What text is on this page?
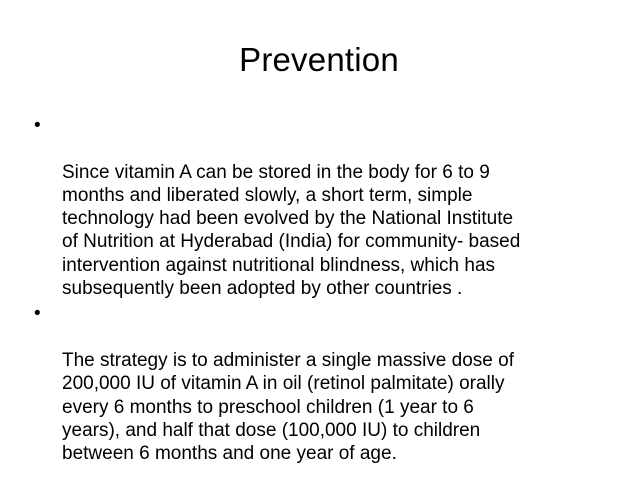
Prevention

•

Since vitamin A can be stored in the body for 6 to 9
months and liberated slowly, a short term, simple
technology had been evolved by the National Institute
of Nutrition at Hyderabad (India) for community- based
intervention against nutritional blindness, which has
subsequently been adopted by other countries .

•

The strategy is to administer a single massive dose of
200,000 IU of vitamin A in oil (retinol palmitate) orally
every 6 months to preschool children (1 year to 6
years), and half that dose (100,000 IU) to children
between 6 months and one year of age.
